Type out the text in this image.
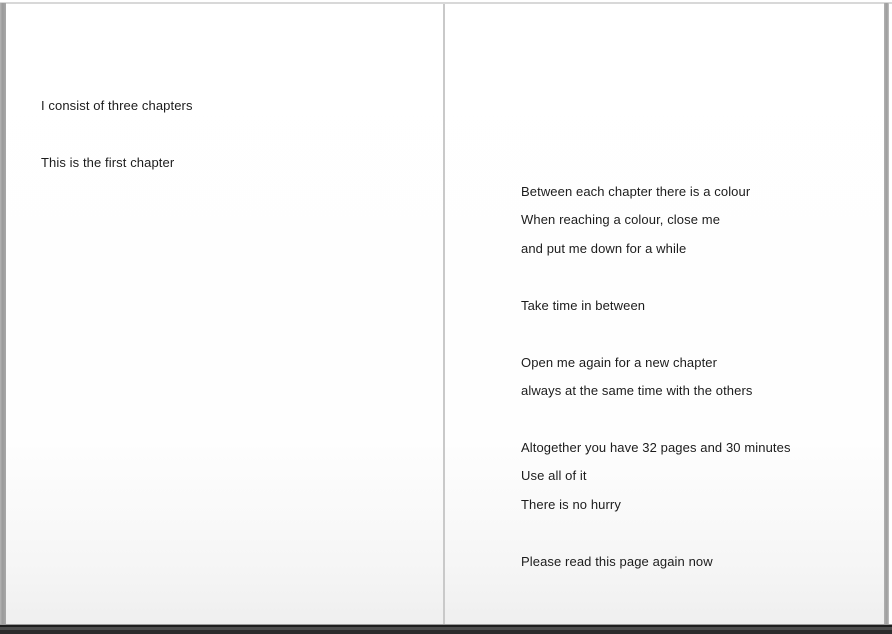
I consist of three chapters

This is the first chapter

Between each chapter there is a colour

When reaching a colour, close me

and put me down for a while

Take time in between

Open me again for a new chapter

always at the same time with the others

Altogether you have 32 pages and 30 minutes

Use all of it

There is no hurry

Please read this page again now
